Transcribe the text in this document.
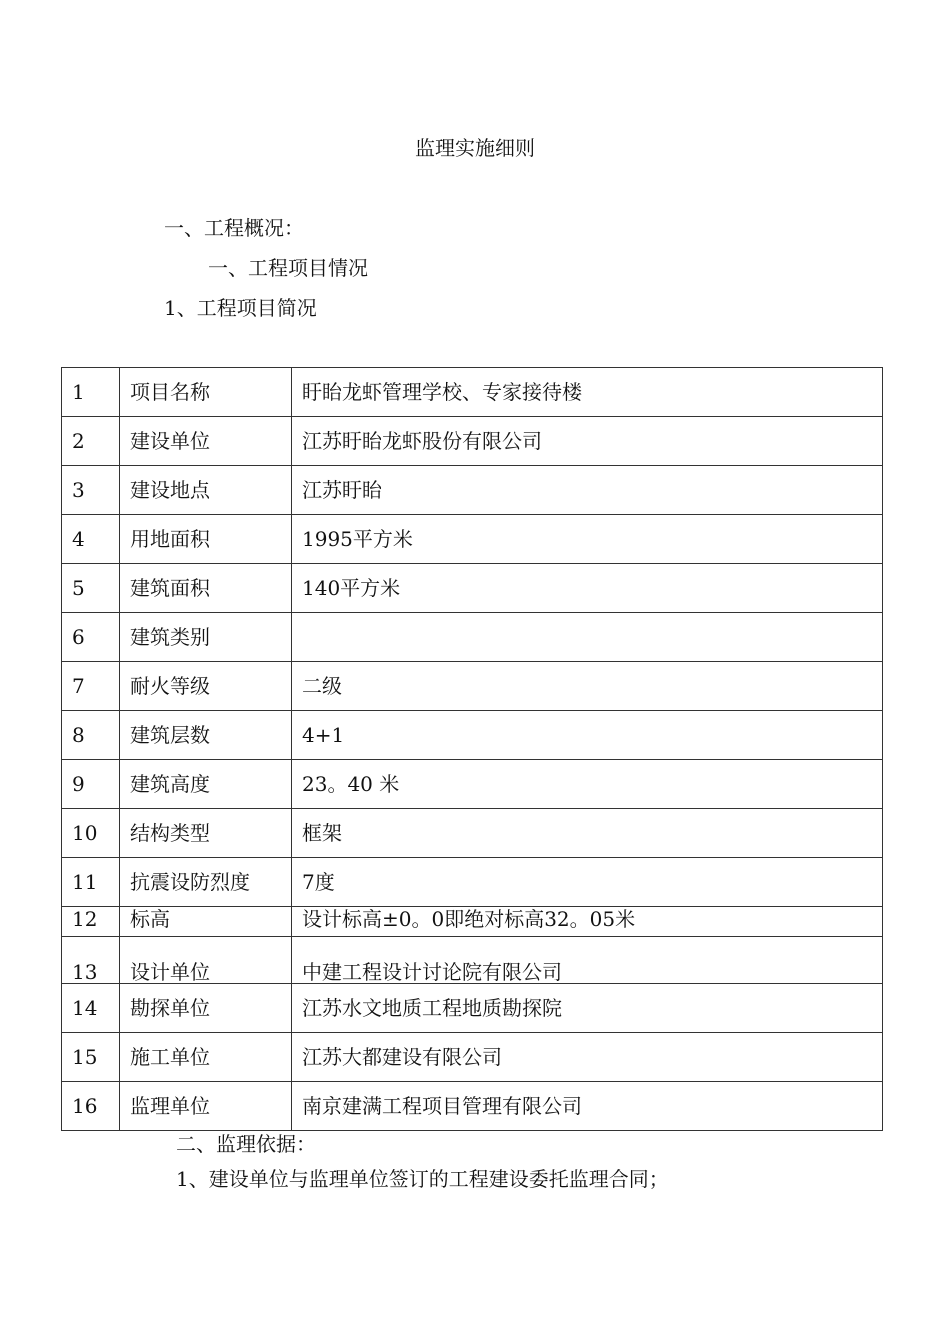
监理实施细则
一、工程概况：
一、工程项目情况
1、工程项目简况
1	项目名称	盱眙龙虾管理学校、专家接待楼
2	建设单位	江苏盱眙龙虾股份有限公司
3	建设地点	江苏盱眙
4	用地面积	1995平方米
5	建筑面积	140平方米
6	建筑类别	
7	耐火等级	二级
8	建筑层数	4+1
9	建筑高度	23。40 米
10	结构类型	框架
11	抗震设防烈度	7度
12	标高	设计标高±0。0即绝对标高32。05米
13	设计单位	中建工程设计讨论院有限公司
14	勘探单位	江苏水文地质工程地质勘探院
15	施工单位	江苏大都建设有限公司
16	监理单位	南京建满工程项目管理有限公司
二、监理依据：
1、建设单位与监理单位签订的工程建设委托监理合同；
